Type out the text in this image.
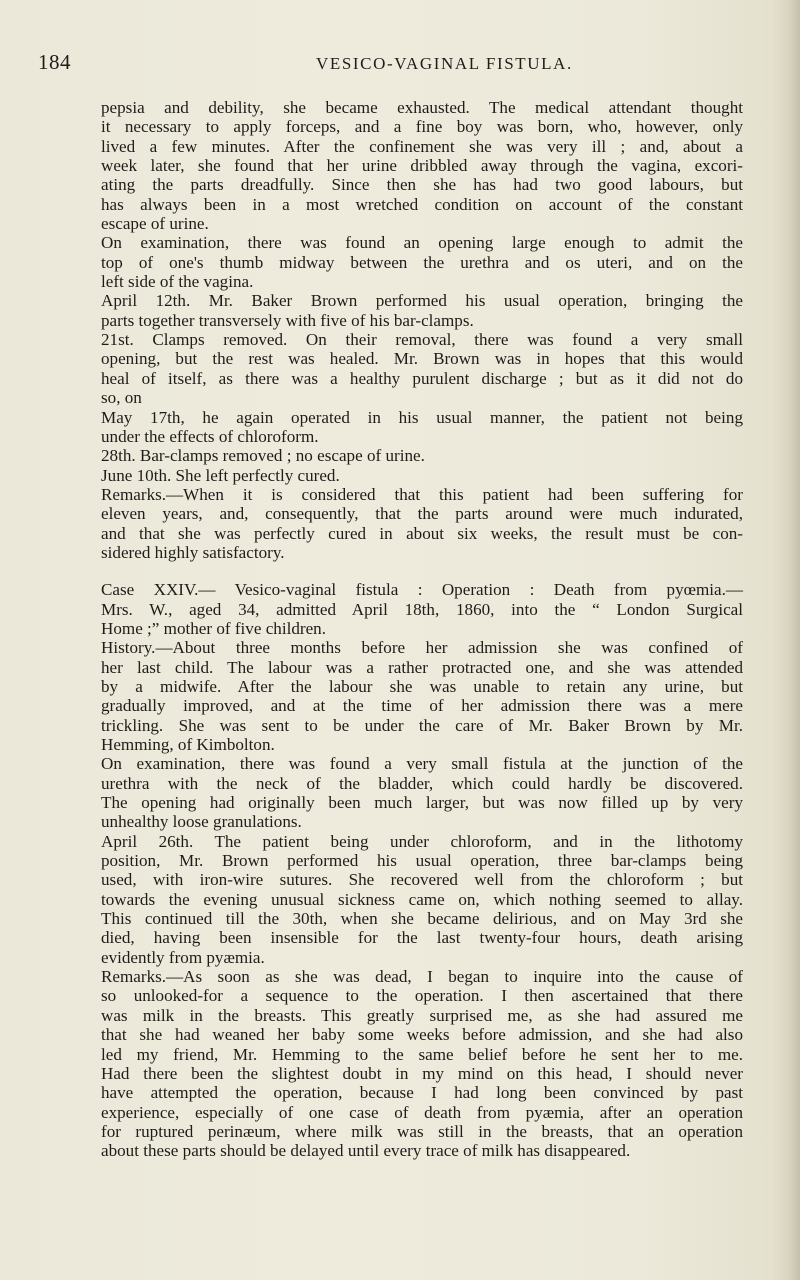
184	VESICO-VAGINAL FISTULA.

pepsia and debility, she became exhausted. The medical attendant thought

it necessary to apply forceps, and a fine boy was born, who, however, only

lived a few minutes. After the confinement she was very ill ; and, about a

week later, she found that her urine dribbled away through the vagina, excori-

ating the parts dreadfully. Since then she has had two good labours, but

has always been in a most wretched condition on account of the constant

escape of urine.

On examination, there was found an opening large enough to admit the

top of one's thumb midway between the urethra and os uteri, and on the

left side of the vagina.

April 12th. Mr. Baker Brown performed his usual operation, bringing the

parts together transversely with five of his bar-clamps.

21st. Clamps removed. On their removal, there was found a very small

opening, but the rest was healed. Mr. Brown was in hopes that this would

heal of itself, as there was a healthy purulent discharge ; but as it did not do

so, on

May 17th, he again operated in his usual manner, the patient not being

under the effects of chloroform.

28th. Bar-clamps removed ; no escape of urine.

June 10th. She left perfectly cured.

Remarks.—When it is considered that this patient had been suffering for

eleven years, and, consequently, that the parts around were much indurated,

and that she was perfectly cured in about six weeks, the result must be con-

sidered highly satisfactory.

Case XXIV.— Vesico-vaginal fistula : Operation : Death from pyœmia.—

Mrs. W., aged 34, admitted April 18th, 1860, into the “ London Surgical

Home ;” mother of five children.

History.—About three months before her admission she was confined of

her last child. The labour was a rather protracted one, and she was attended

by a midwife. After the labour she was unable to retain any urine, but

gradually improved, and at the time of her admission there was a mere

trickling. She was sent to be under the care of Mr. Baker Brown by Mr.

Hemming, of Kimbolton.

On examination, there was found a very small fistula at the junction of the

urethra with the neck of the bladder, which could hardly be discovered.

The opening had originally been much larger, but was now filled up by very

unhealthy loose granulations.

April 26th. The patient being under chloroform, and in the lithotomy

position, Mr. Brown performed his usual operation, three bar-clamps being

used, with iron-wire sutures. She recovered well from the chloroform ; but

towards the evening unusual sickness came on, which nothing seemed to allay.

This continued till the 30th, when she became delirious, and on May 3rd she

died, having been insensible for the last twenty-four hours, death arising

evidently from pyæmia.

Remarks.—As soon as she was dead, I began to inquire into the cause of

so unlooked-for a sequence to the operation. I then ascertained that there

was milk in the breasts. This greatly surprised me, as she had assured me

that she had weaned her baby some weeks before admission, and she had also

led my friend, Mr. Hemming to the same belief before he sent her to me.

Had there been the slightest doubt in my mind on this head, I should never

have attempted the operation, because I had long been convinced by past

experience, especially of one case of death from pyæmia, after an operation

for ruptured perinæum, where milk was still in the breasts, that an operation

about these parts should be delayed until every trace of milk has disappeared.
